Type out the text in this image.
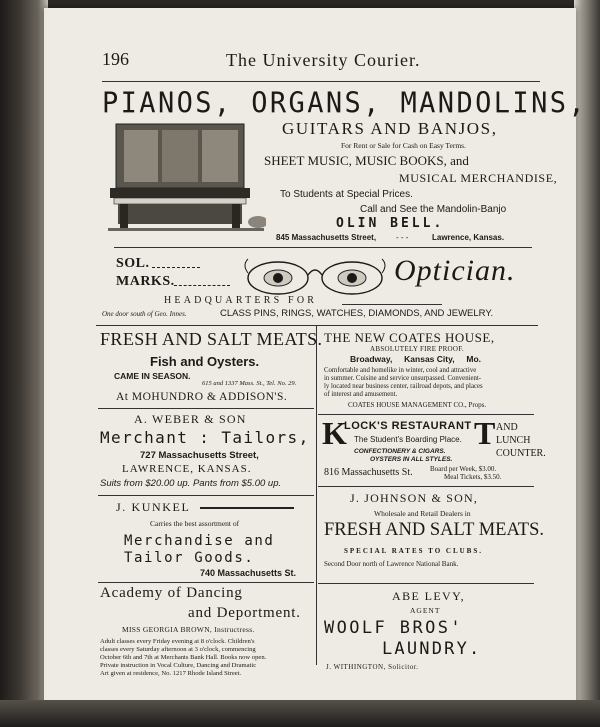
196	The University Courier.
PIANOS, ORGANS, MANDOLINS,
GUITARS AND BANJOS,
For Rent or Sale for Cash on Easy Terms.
SHEET MUSIC, MUSIC BOOKS, and
MUSICAL MERCHANDISE,
To Students at Special Prices.
Call and See the Mandolin-Banjo
OLIN BELL.
845 Massachusetts Street, - - -	Lawrence, Kansas.
SOL.
MARKS.	Optician.
HEADQUARTERS FOR
One door south of Geo. Innes.	CLASS PINS, RINGS, WATCHES, DIAMONDS, AND JEWELRY.
FRESH AND SALT MEATS.
Fish and Oysters.
CAME IN SEASON.
615 and 1337 Mass. St., Tel. No. 29.
At MOHUNDRO & ADDISON'S.
A. WEBER & SON
Merchant : Tailors,
727 Massachusetts Street,
LAWRENCE, KANSAS.
Suits from $20.00 up. Pants from $5.00 up.
J. KUNKEL
Carries the best assortment of
Merchandise and
Tailor Goods.
740 Massachusetts St.
Academy of Dancing
and Deportment.
MISS GEORGIA BROWN, Instructress.
Adult classes every Friday evening at 8 o'clock. Children's
classes every Saturday afternoon at 3 o'clock, commencing
October 6th and 7th at Merchants Bank Hall. Books now open.
Private instruction in Vocal Culture, Dancing and Dramatic
Art given at residence, No. 1217 Rhode Island Street.
THE NEW COATES HOUSE,
ABSOLUTELY FIRE PROOF.
Broadway,     Kansas City,     Mo.
Comfortable and homelike in winter, cool and attractive
in summer. Cuisine and service unsurpassed. Convenient-
ly located near business center, railroad depots, and places
of interest and amusement.
COATES HOUSE MANAGEMENT CO., Props.
K
LOCK'S RESTAURANT
The Student's Boarding Place.
CONFECTIONERY & CIGARS.
OYSTERS IN ALL STYLES.
T AND
LUNCH
COUNTER.
816 Massachusetts St. Board per Week, $3.00.
Meal Tickets, $3.50.
J. JOHNSON & SON,
Wholesale and Retail Dealers in
FRESH AND SALT MEATS.
SPECIAL RATES TO CLUBS.
Second Door north of Lawrence National Bank.
ABE LEVY,
AGENT
WOOLF BROS'
LAUNDRY.
J. WITHINGTON, Solicitor.
